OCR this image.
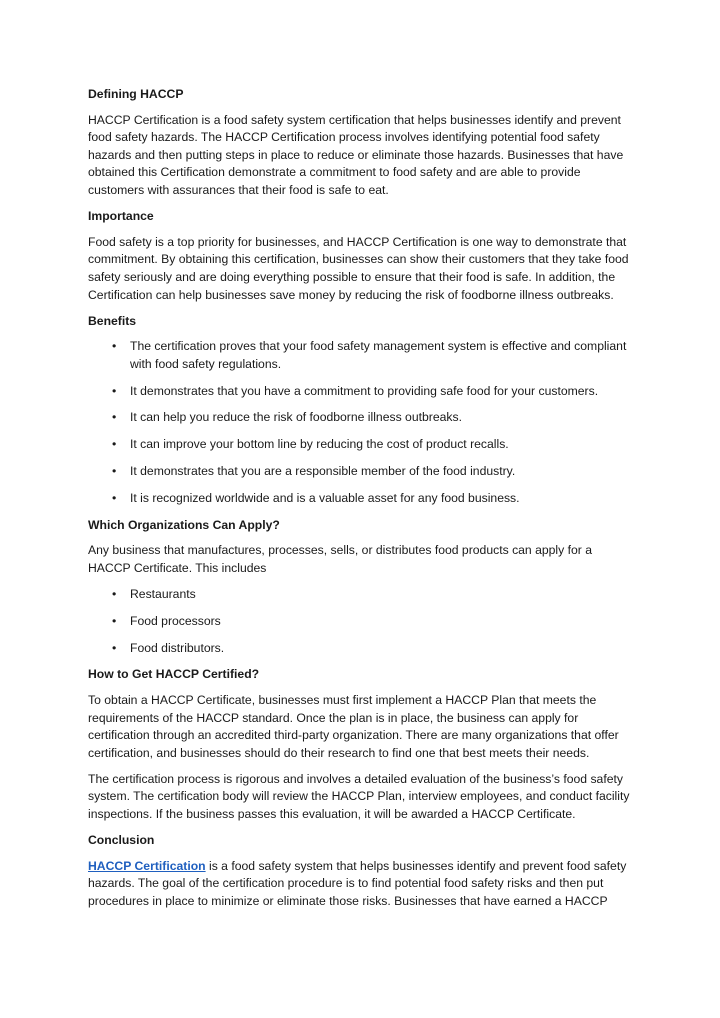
Defining HACCP

HACCP Certification is a food safety system certification that helps businesses identify and prevent food safety hazards. The HACCP Certification process involves identifying potential food safety hazards and then putting steps in place to reduce or eliminate those hazards. Businesses that have obtained this Certification demonstrate a commitment to food safety and are able to provide customers with assurances that their food is safe to eat.

Importance

Food safety is a top priority for businesses, and HACCP Certification is one way to demonstrate that commitment. By obtaining this certification, businesses can show their customers that they take food safety seriously and are doing everything possible to ensure that their food is safe. In addition, the Certification can help businesses save money by reducing the risk of foodborne illness outbreaks.

Benefits
• The certification proves that your food safety management system is effective and compliant with food safety regulations.
• It demonstrates that you have a commitment to providing safe food for your customers.
• It can help you reduce the risk of foodborne illness outbreaks.
• It can improve your bottom line by reducing the cost of product recalls.
• It demonstrates that you are a responsible member of the food industry.
• It is recognized worldwide and is a valuable asset for any food business.
Which Organizations Can Apply?

Any business that manufactures, processes, sells, or distributes food products can apply for a HACCP Certificate. This includes

• Restaurants
• Food processors
• Food distributors.
How to Get HACCP Certified?

To obtain a HACCP Certificate, businesses must first implement a HACCP Plan that meets the requirements of the HACCP standard. Once the plan is in place, the business can apply for certification through an accredited third-party organization. There are many organizations that offer certification, and businesses should do their research to find one that best meets their needs.

The certification process is rigorous and involves a detailed evaluation of the business’s food safety system. The certification body will review the HACCP Plan, interview employees, and conduct facility inspections. If the business passes this evaluation, it will be awarded a HACCP Certificate.

Conclusion

HACCP Certification is a food safety system that helps businesses identify and prevent food safety hazards. The goal of the certification procedure is to find potential food safety risks and then put procedures in place to minimize or eliminate those risks. Businesses that have earned a HACCP
